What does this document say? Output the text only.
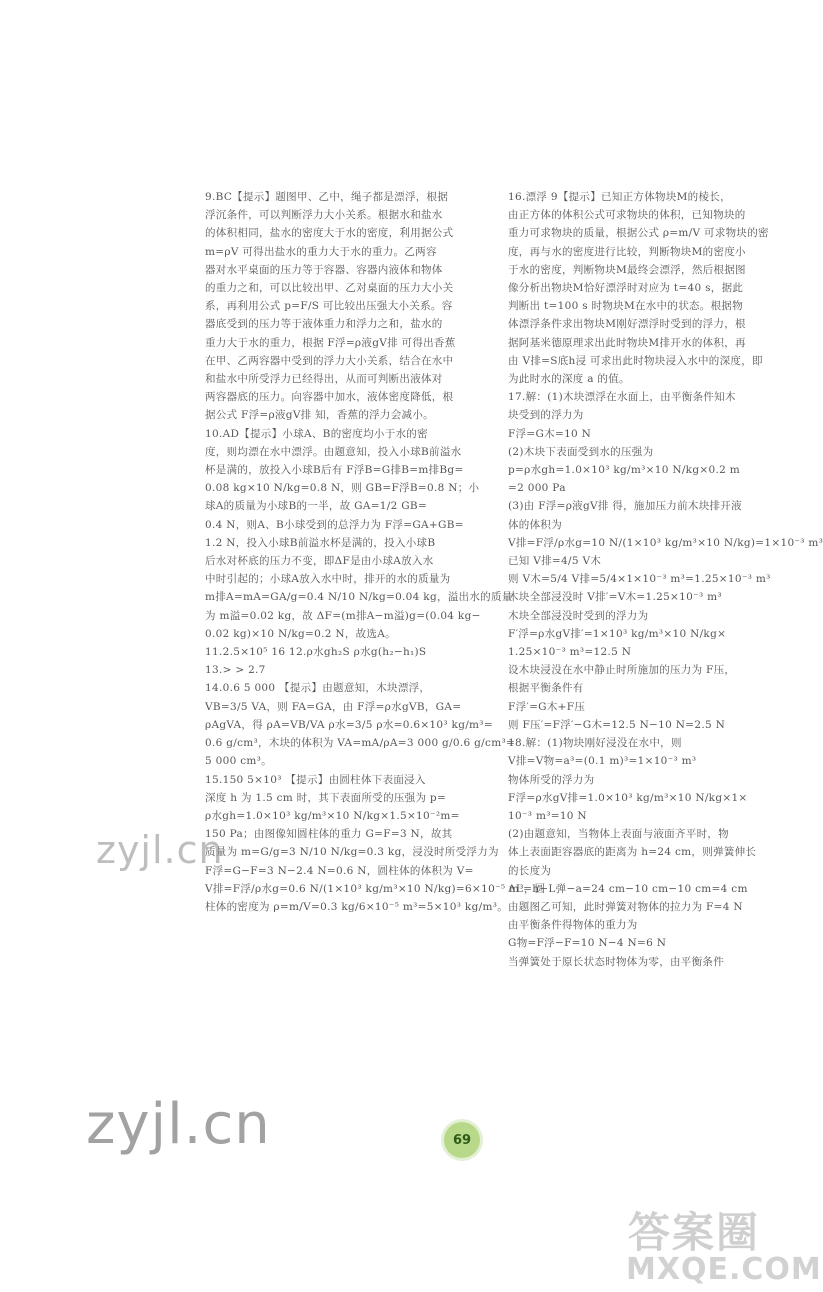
9.BC【提示】题图甲、乙中，绳子都是漂浮，根据
浮沉条件，可以判断浮力大小关系。根据水和盐水
的体积相同，盐水的密度大于水的密度，利用据公式
m=ρV 可得出盐水的重力大于水的重力。乙两容
器对水平桌面的压力等于容器、容器内液体和物体
的重力之和，可以比较出甲、乙对桌面的压力大小关
系，再利用公式 p=F/S 可比较出压强大小关系。容
器底受到的压力等于液体重力和浮力之和，盐水的
重力大于水的重力，根据 F浮=ρ液gV排 可得出香蕉
在甲、乙两容器中受到的浮力大小关系，结合在水中
和盐水中所受浮力已经得出，从而可判断出液体对
两容器底的压力。向容器中加水，液体密度降低，根
据公式 F浮=ρ液gV排 知，香蕉的浮力会减小。
10.AD【提示】小球A、B的密度均小于水的密
度，则均漂在水中漂浮。由题意知，投入小球B前溢水
杯是满的，放投入小球B后有 F浮B=G排B=m排Bg=
0.08 kg×10 N/kg=0.8 N，则 GB=F浮B=0.8 N；小
球A的质量为小球B的一半，故 GA=1/2 GB=
0.4 N，则A、B小球受到的总浮力为 F浮=GA+GB=
1.2 N，投入小球B前溢水杯是满的，投入小球B
后水对杯底的压力不变，即ΔF是由小球A放入水
中时引起的；小球A放入水中时，排开的水的质量为
m排A=mA=GA/g=0.4 N/10 N/kg=0.04 kg，溢出水的质量
为 m溢=0.02 kg，故 ΔF=(m排A−m溢)g=(0.04 kg−
0.02 kg)×10 N/kg=0.2 N，故选A。
11.2.5×10⁵ 16 12.ρ水gh₂S ρ水g(h₂−h₁)S
13.> > 2.7
14.0.6 5 000 【提示】由题意知，木块漂浮，
VB=3/5 VA，则 FA=GA，由 F浮=ρ水gVB，GA=
ρAgVA，得 ρA=VB/VA ρ水=3/5 ρ水=0.6×10³ kg/m³=
0.6 g/cm³，木块的体积为 VA=mA/ρA=3 000 g/0.6 g/cm³=
5 000 cm³。
15.150 5×10³ 【提示】由圆柱体下表面浸入
深度 h 为 1.5 cm 时，其下表面所受的压强为 p=
ρ水gh=1.0×10³ kg/m³×10 N/kg×1.5×10⁻²m=
150 Pa；由图像知圆柱体的重力 G=F=3 N，故其
质量为 m=G/g=3 N/10 N/kg=0.3 kg，浸没时所受浮力为
F浮=G−F=3 N−2.4 N=0.6 N，圆柱体的体积为 V=
V排=F浮/ρ水g=0.6 N/(1×10³ kg/m³×10 N/kg)=6×10⁻⁵ m³，圆
柱体的密度为 ρ=m/V=0.3 kg/6×10⁻⁵ m³=5×10³ kg/m³。
16.漂浮 9【提示】已知正方体物块M的棱长，
由正方体的体积公式可求物块的体积，已知物块的
重力可求物块的质量，根据公式 ρ=m/V 可求物块的密
度，再与水的密度进行比较，判断物块M的密度小
于水的密度，判断物块M最终会漂浮，然后根据图
像分析出物块M恰好漂浮时对应为 t=40 s，据此
判断出 t=100 s 时物块M在水中的状态。根据物
体漂浮条件求出物块M刚好漂浮时受到的浮力，根
据阿基米德原理求出此时物块M排开水的体积，再
由 V排=S底h浸 可求出此时物块浸入水中的深度，即
为此时水的深度 a 的值。
17.解：(1)木块漂浮在水面上，由平衡条件知木
块受到的浮力为
F浮=G木=10 N
(2)木块下表面受到水的压强为
p=ρ水gh=1.0×10³ kg/m³×10 N/kg×0.2 m
=2 000 Pa
(3)由 F浮=ρ液gV排 得，施加压力前木块排开液
体的体积为
V排=F浮/ρ水g=10 N/(1×10³ kg/m³×10 N/kg)=1×10⁻³ m³
已知 V排=4/5 V木
则 V木=5/4 V排=5/4×1×10⁻³ m³=1.25×10⁻³ m³
木块全部浸没时 V排′=V木=1.25×10⁻³ m³
木块全部浸没时受到的浮力为
F′浮=ρ水gV排′=1×10³ kg/m³×10 N/kg×
1.25×10⁻³ m³=12.5 N
设木块浸没在水中静止时所施加的压力为 F压，
根据平衡条件有
F浮′=G木+F压
则 F压′=F浮′−G木=12.5 N−10 N=2.5 N
18.解：(1)物块刚好浸没在水中，则
V排=V物=a³=(0.1 m)³=1×10⁻³ m³
物体所受的浮力为
F浮=ρ水gV排=1.0×10³ kg/m³×10 N/kg×1×
10⁻³ m³=10 N
(2)由题意知，当物体上表面与液面齐平时，物
体上表面距容器底的距离为 h=24 cm，则弹簧伸长
的长度为
ΔL=h−L弹−a=24 cm−10 cm−10 cm=4 cm
由题图乙可知，此时弹簧对物体的拉力为 F=4 N
由平衡条件得物体的重力为
G物=F浮−F=10 N−4 N=6 N
当弹簧处于原长状态时物体为零，由平衡条件
zyjl.cn
zyjl.cn	69
答案圈
MXQE.COM
